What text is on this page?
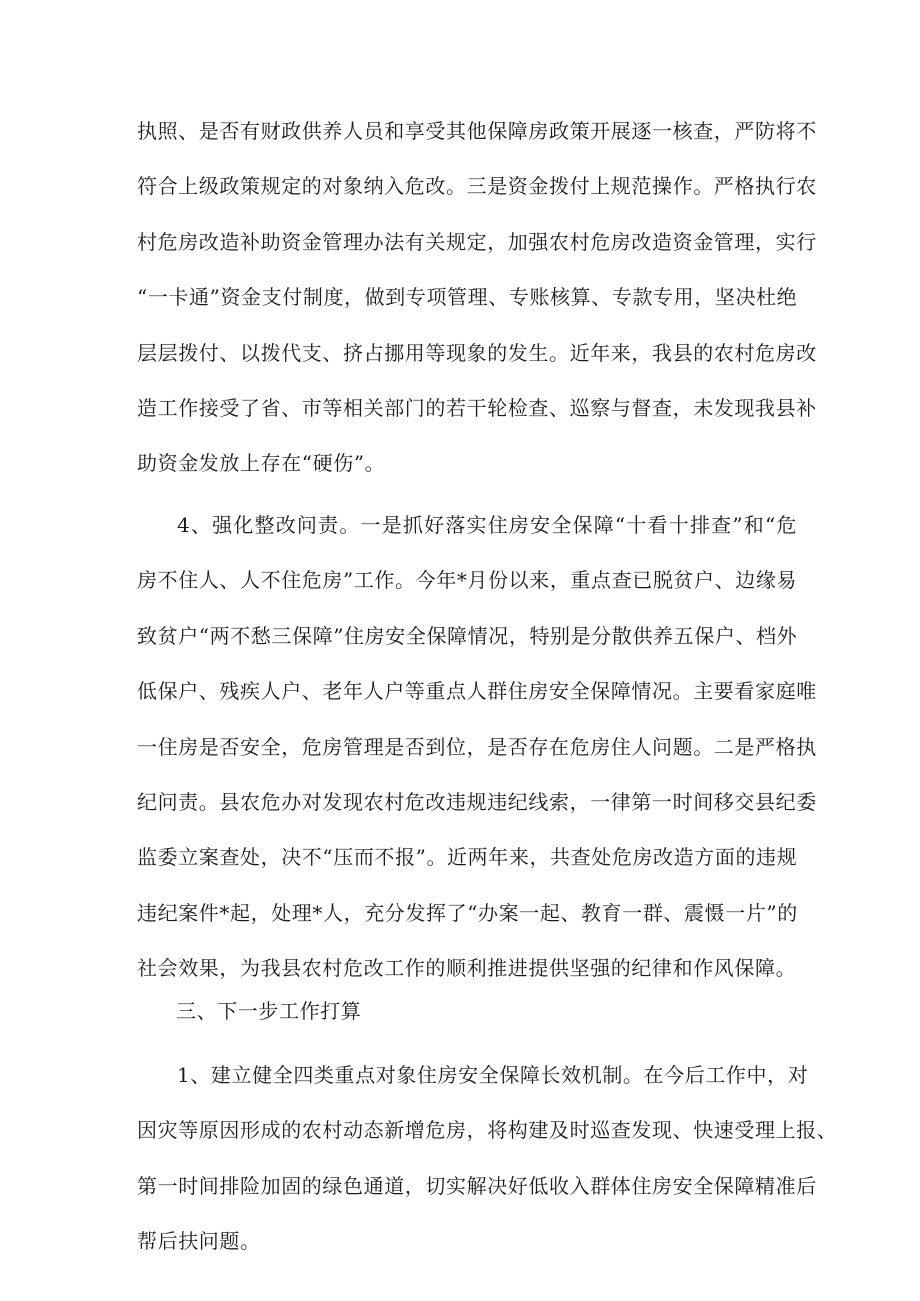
执照、是否有财政供养人员和享受其他保障房政策开展逐一核查，严防将不
符合上级政策规定的对象纳入危改。三是资金拨付上规范操作。严格执行农
村危房改造补助资金管理办法有关规定，加强农村危房改造资金管理，实行
“一卡通”资金支付制度，做到专项管理、专账核算、专款专用，坚决杜绝
层层拨付、以拨代支、挤占挪用等现象的发生。近年来，我县的农村危房改
造工作接受了省、市等相关部门的若干轮检查、巡察与督查，未发现我县补
助资金发放上存在“硬伤”。
4、强化整改问责。一是抓好落实住房安全保障“十看十排查”和“危
房不住人、人不住危房”工作。今年*月份以来，重点查已脱贫户、边缘易
致贫户“两不愁三保障”住房安全保障情况，特别是分散供养五保户、档外
低保户、残疾人户、老年人户等重点人群住房安全保障情况。主要看家庭唯
一住房是否安全，危房管理是否到位，是否存在危房住人问题。二是严格执
纪问责。县农危办对发现农村危改违规违纪线索，一律第一时间移交县纪委
监委立案查处，决不“压而不报”。近两年来，共查处危房改造方面的违规
违纪案件*起，处理*人，充分发挥了“办案一起、教育一群、震慑一片”的
社会效果，为我县农村危改工作的顺利推进提供坚强的纪律和作风保障。
三、下一步工作打算
1、建立健全四类重点对象住房安全保障长效机制。在今后工作中，对
因灾等原因形成的农村动态新增危房，将构建及时巡查发现、快速受理上报、
第一时间排险加固的绿色通道，切实解决好低收入群体住房安全保障精准后
帮后扶问题。
